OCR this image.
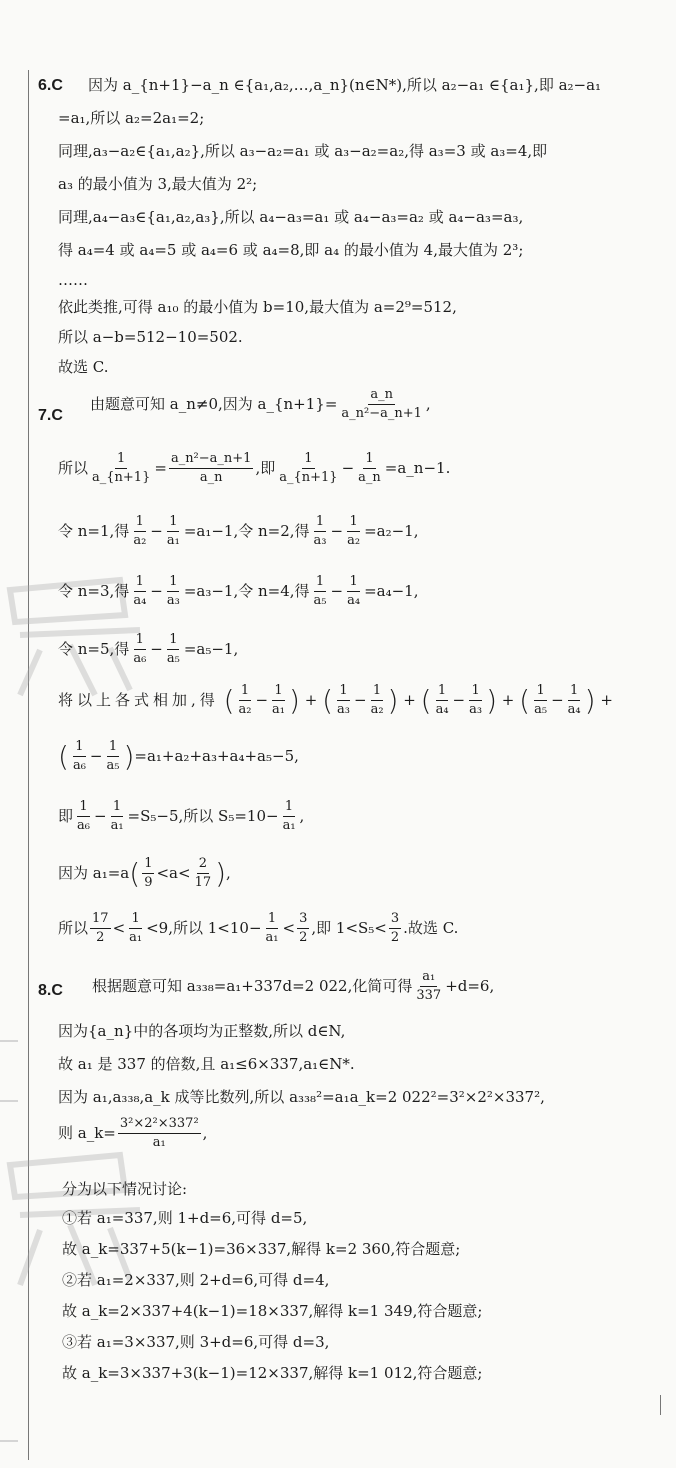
6.C 因为 a_{n+1}−a_n ∈{a₁,a₂,…,a_n}(n∈N*),所以 a₂−a₁ ∈{a₁},即 a₂−a₁
=a₁,所以 a₂=2a₁=2;
同理,a₃−a₂∈{a₁,a₂},所以 a₃−a₂=a₁ 或 a₃−a₂=a₂,得 a₃=3 或 a₃=4,即
a₃ 的最小值为 3,最大值为 2²;
同理,a₄−a₃∈{a₁,a₂,a₃},所以 a₄−a₃=a₁ 或 a₄−a₃=a₂ 或 a₄−a₃=a₃,
得 a₄=4 或 a₄=5 或 a₄=6 或 a₄=8,即 a₄ 的最小值为 4,最大值为 2³;
……
依此类推,可得 a₁₀ 的最小值为 b=10,最大值为 a=2⁹=512,
所以 a−b=512−10=502.
故选 C.
7.C
由题意可知 a_n≠0,因为 a_{n+1}= $\frac{a\_n}{\text{a\_n²−a\_n+1}}$ ,
所以 $\frac{1}{a\_\{n+1\}} = \frac{\text{a\_n²−a\_n+1}}{a\_n}$ ,即 $\frac{1}{a\_\{n+1\}} - \frac{1}{a\_n}$ =a_n−1.
令 n=1,得 $\frac{1}{\text{a₂}} - \frac{1}{\text{a₁}} =a_1-1$,令 n=2,得 $\frac{1}{\text{a₃}} - \frac{1}{\text{a₂}} =a_2-1$,
令 n=3,得 $\frac{1}{\text{a₄}} - \frac{1}{\text{a₃}} =a_3-1$,令 n=4,得 $\frac{1}{\text{a₅}} - \frac{1}{\text{a₄}} =a_4-1$,
令 n=5,得 $\frac{1}{\text{a₆}} - \frac{1}{\text{a₅}} =a_5-1$,
将以上各式相加,得 ( $\frac{1}{\text{a₂}} - \frac{1}{\text{a₁}}$ ) + ( $\frac{1}{\text{a₃}} - \frac{1}{\text{a₂}}$ ) + ( $\frac{1}{\text{a₄}} - \frac{1}{\text{a₃}}$ ) + ( $\frac{1}{\text{a₅}} - \frac{1}{\text{a₄}}$ ) +
( $\frac{1}{\text{a₆}} - \frac{1}{\text{a₅}} )=a_1+a_2+a_3+a_4+a_5-5$,
即 $\frac{1}{\text{a₆}} - \frac{1}{\text{a₁}} =S_5-5$,所以 $S_5=10- \frac{1}{\text{a₁}}$ ,
因为 $a_1=a( \frac{1}{9} <a< \frac{2}{17}$ ),
所以 $\frac{17}{2} < \frac{1}{\text{a₁}} <9$,所以 $1<10- \frac{1}{\text{a₁}} < \frac{3}{2}$ ,即 $1<S_5< \frac{3}{2}$ .故选 C.
8.C 根据题意可知 a₃₃₈=a₁+337d=2 022,化简可得 $\frac{\text{a₁}}{337} +d=6$,
因为{a_n}中的各项均为正整数,所以 d∈N,
故 a₁ 是 337 的倍数,且 a₁≤6×337,a₁∈N*.
因为 a₁,a₃₃₈,a_k 成等比数列,所以 a₃₃₈²=a₁a_k=2 022²=3²×2²×337²,
则 a_k= $\frac{\text{3²×2²×337²}}{\text{a₁}}$ ,
分为以下情况讨论:
①若 a₁=337,则 1+d=6,可得 d=5,
故 a_k=337+5(k−1)=36×337,解得 k=2 360,符合题意;
②若 a₁=2×337,则 2+d=6,可得 d=4,
故 a_k=2×337+4(k−1)=18×337,解得 k=1 349,符合题意;
③若 a₁=3×337,则 3+d=6,可得 d=3,
故 a_k=3×337+3(k−1)=12×337,解得 k=1 012,符合题意;
